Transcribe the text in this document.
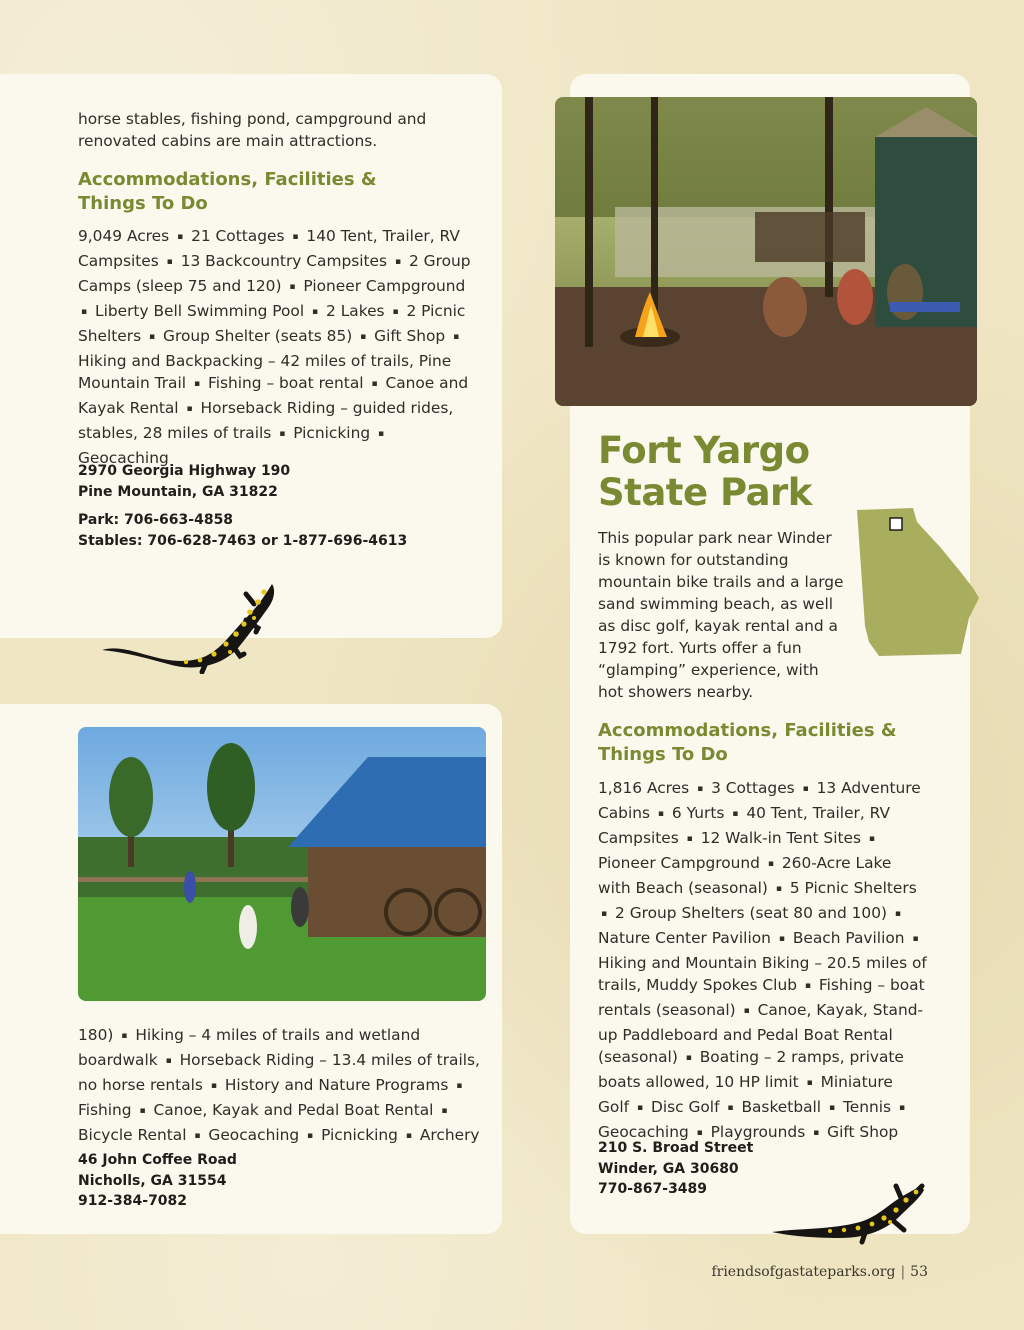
horse stables, fishing pond, campground and renovated cabins are main attractions.

Accommodations, Facilities &
Things To Do

9,049 Acres ▪ 21 Cottages ▪ 140 Tent, Trailer, RV Campsites ▪ 13 Backcountry Campsites ▪ 2 Group Camps (sleep 75 and 120) ▪ Pioneer Campground ▪ Liberty Bell Swimming Pool ▪ 2 Lakes ▪ 2 Picnic Shelters ▪ Group Shelter (seats 85) ▪ Gift Shop ▪ Hiking and Backpacking – 42 miles of trails, Pine Mountain Trail ▪ Fishing – boat rental ▪ Canoe and Kayak Rental ▪ Horseback Riding – guided rides, stables, 28 miles of trails ▪ Picnicking ▪ Geocaching

2970 Georgia Highway 190
Pine Mountain, GA 31822
Park: 706-663-4858
Stables: 706-628-7463 or 1-877-696-4613
Fort Yargo
State Park

This popular park near Winder is known for outstanding mountain bike trails and a large sand swimming beach, as well as disc golf, kayak rental and a 1792 fort. Yurts offer a fun “glamping” experience, with hot showers nearby.

Accommodations, Facilities &
Things To Do

1,816 Acres ▪ 3 Cottages ▪ 13 Adventure Cabins ▪ 6 Yurts ▪ 40 Tent, Trailer, RV Campsites ▪ 12 Walk-in Tent Sites ▪ Pioneer Campground ▪ 260-Acre Lake with Beach (seasonal) ▪ 5 Picnic Shelters ▪ 2 Group Shelters (seat 80 and 100) ▪ Nature Center Pavilion ▪ Beach Pavilion ▪ Hiking and Mountain Biking – 20.5 miles of trails, Muddy Spokes Club ▪ Fishing – boat rentals (seasonal) ▪ Canoe, Kayak, Stand-up Paddleboard and Pedal Boat Rental (seasonal) ▪ Boating – 2 ramps, private boats allowed, 10 HP limit ▪ Miniature Golf ▪ Disc Golf ▪ Basketball ▪ Tennis ▪ Geocaching ▪ Playgrounds ▪ Gift Shop

210 S. Broad Street
Winder, GA 30680
770-867-3489

180) ▪ Hiking – 4 miles of trails and wetland boardwalk ▪ Horseback Riding – 13.4 miles of trails, no horse rentals ▪ History and Nature Programs ▪ Fishing ▪ Canoe, Kayak and Pedal Boat Rental ▪ Bicycle Rental ▪ Geocaching ▪ Picnicking ▪ Archery

46 John Coffee Road
Nicholls, GA 31554
912-384-7082
friendsofgastateparks.org | 53
